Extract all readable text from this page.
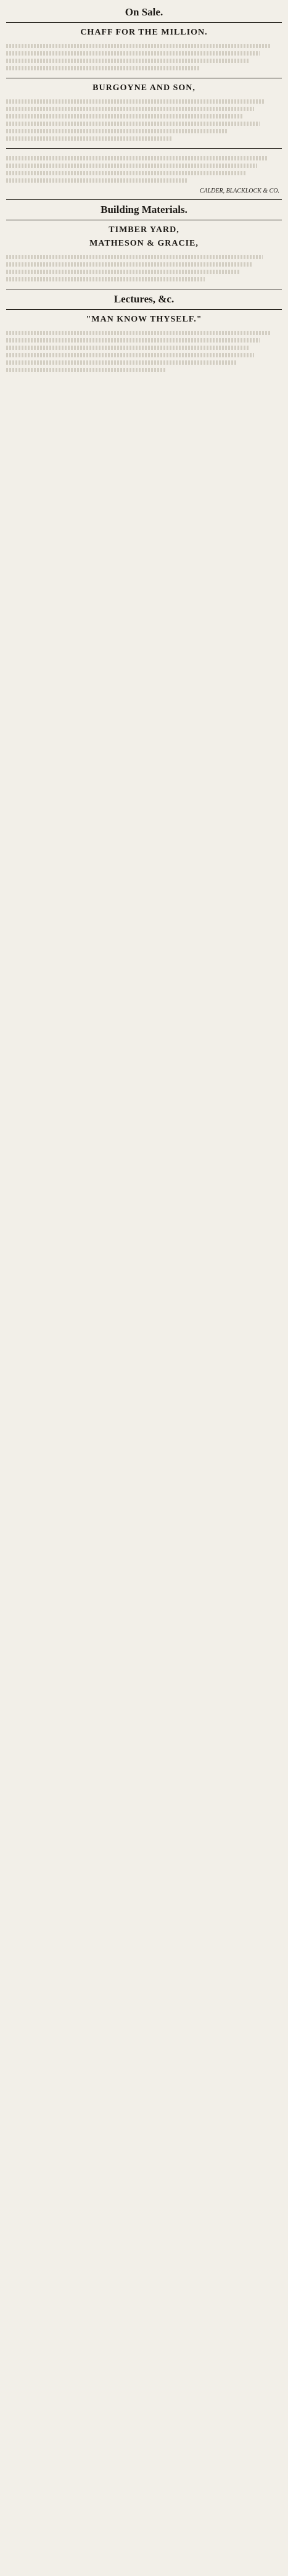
On Sale.
CHAFF FOR THE MILLION.
BURGOYNE AND SON,
CALDER, BLACKLOCK & CO.
Building Materials.
TIMBER YARD,
MATHESON & GRACIE,
Lectures, &c.
"MAN KNOW THYSELF."
